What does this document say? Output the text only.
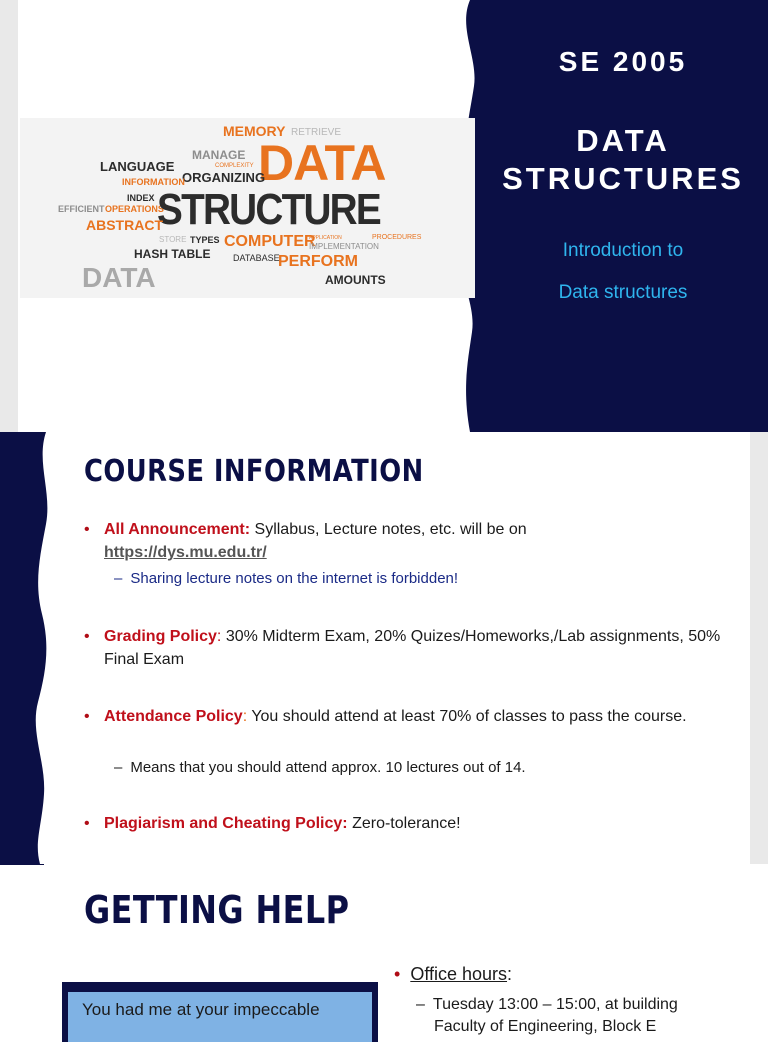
MEMORY RETRIEVE
MANAGE DATA
LANGUAGE	COMPLEXITY
ORGANIZING
INFORMATION
INDEX
EFFICIENT OPERATIONS
STRUCTURE
ABSTRACT
STORE TYPES COMPUTER
APPLICATION
IMPLEMENTATION
PROCEDURES
HASH TABLE	DATABASE
PERFORM
DATA	AMOUNTS
SE 2005
DATA
STRUCTURES
Introduction to
Data structures
COURSE INFORMATION
• All Announcement: Syllabus, Lecture notes, etc. will be on
https://dys.mu.edu.tr/
– Sharing lecture notes on the internet is forbidden!
• Grading Policy: 30% Midterm Exam, 20% Quizes/Homeworks,/Lab assignments, 50% Final Exam
• Attendance Policy: You should attend at least 70% of classes to pass the course.
– Means that you should attend approx. 10 lectures out of 14.
• Plagiarism and Cheating Policy: Zero-tolerance!
GETTING HELP
You had me at your impeccable
• Office hours:
– Tuesday 13:00 – 15:00, at building
Faculty of Engineering, Block E
